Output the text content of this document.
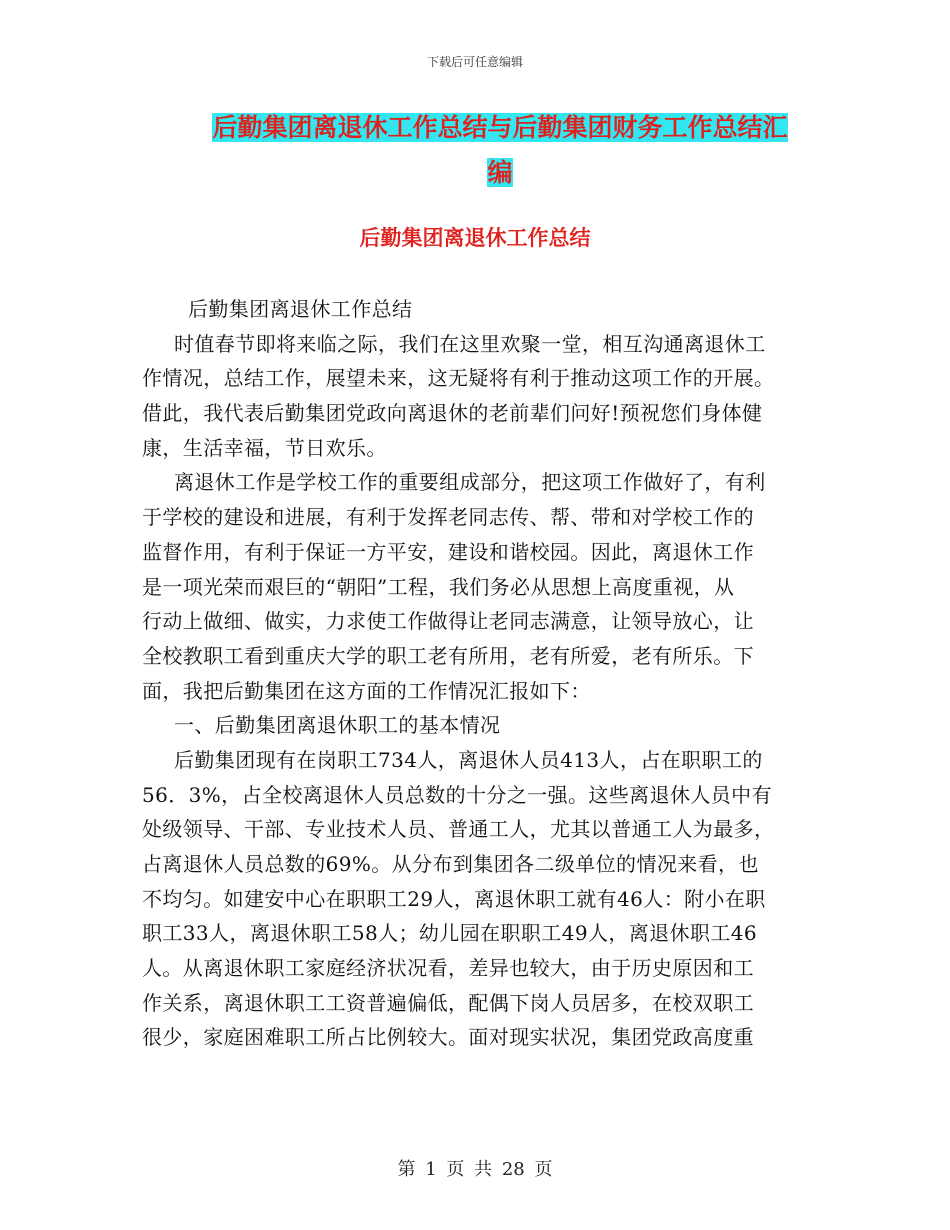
下载后可任意编辑
后勤集团离退休工作总结与后勤集团财务工作总结汇
编
后勤集团离退休工作总结
后勤集团离退休工作总结
时值春节即将来临之际，我们在这里欢聚一堂，相互沟通离退休工
作情况，总结工作，展望未来，这无疑将有利于推动这项工作的开展。
借此，我代表后勤集团党政向离退休的老前辈们问好!预祝您们身体健
康，生活幸福，节日欢乐。
离退休工作是学校工作的重要组成部分，把这项工作做好了，有利
于学校的建设和进展，有利于发挥老同志传、帮、带和对学校工作的
监督作用，有利于保证一方平安，建设和谐校园。因此，离退休工作
是一项光荣而艰巨的“朝阳”工程，我们务必从思想上高度重视，从
行动上做细、做实，力求使工作做得让老同志满意，让领导放心，让
全校教职工看到重庆大学的职工老有所用，老有所爱，老有所乐。下
面，我把后勤集团在这方面的工作情况汇报如下：
一、后勤集团离退休职工的基本情况
后勤集团现有在岗职工734人，离退休人员413人，占在职职工的
56．3%，占全校离退休人员总数的十分之一强。这些离退休人员中有
处级领导、干部、专业技术人员、普通工人，尤其以普通工人为最多，
占离退休人员总数的69%。从分布到集团各二级单位的情况来看，也
不均匀。如建安中心在职职工29人，离退休职工就有46人：附小在职
职工33人，离退休职工58人；幼儿园在职职工49人，离退休职工46
人。从离退休职工家庭经济状况看，差异也较大，由于历史原因和工
作关系，离退休职工工资普遍偏低，配偶下岗人员居多，在校双职工
很少，家庭困难职工所占比例较大。面对现实状况，集团党政高度重
第 1 页 共 28 页
